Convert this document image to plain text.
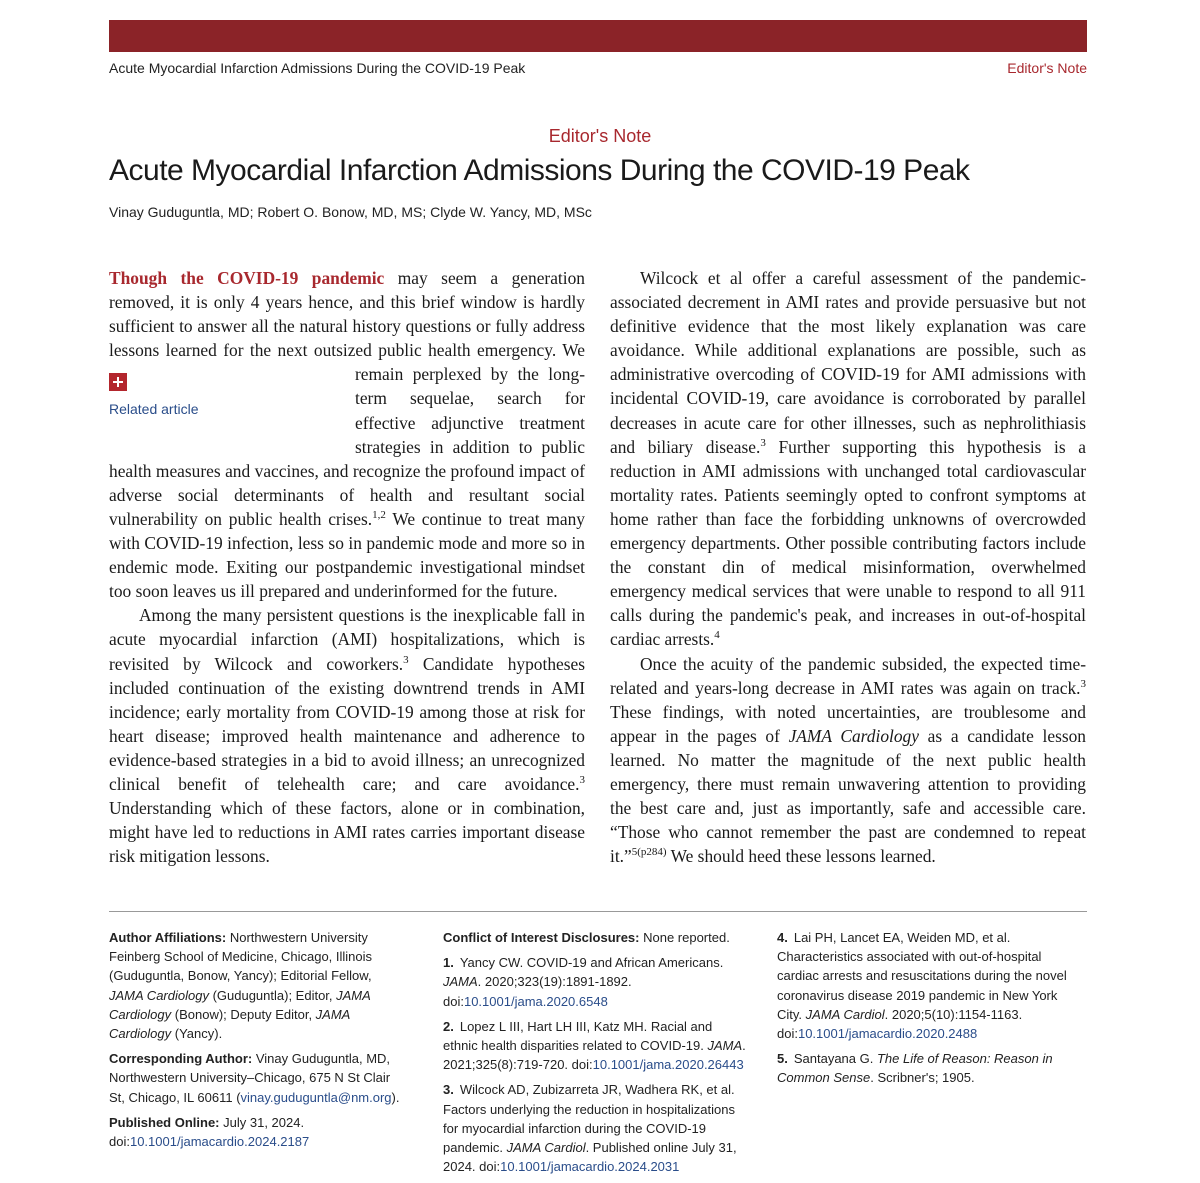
Acute Myocardial Infarction Admissions During the COVID-19 Peak	Editor's Note
Editor's Note
Acute Myocardial Infarction Admissions During the COVID-19 Peak
Vinay Guduguntla, MD; Robert O. Bonow, MD, MS; Clyde W. Yancy, MD, MSc

Though the COVID-19 pandemic may seem a generation removed, it is only 4 years hence, and this brief window is hardly sufficient to answer all the natural history questions or fully address lessons learned for the next outsized public health
Related article
emergency. We remain perplexed by the long-term sequelae, search for effective adjunctive treatment strategies in addition to public health measures and vaccines, and recognize the profound impact of adverse social determinants of health and resultant social vulnerability on public health crises.$^{1,2}$ We continue to treat many with COVID-19 infection, less so in pandemic mode and more so in endemic mode. Exiting our postpandemic investigational mindset too soon leaves us ill prepared and underinformed for the future.

Among the many persistent questions is the inexplicable fall in acute myocardial infarction (AMI) hospitalizations, which is revisited by Wilcock and coworkers.$^3$ Candidate hypotheses included continuation of the existing downtrend trends in AMI incidence; early mortality from COVID-19 among those at risk for heart disease; improved health maintenance and adherence to evidence-based strategies in a bid to avoid illness; an unrecognized clinical benefit of telehealth care; and care avoidance.$^3$ Understanding which of these factors, alone or in combination, might have led to reductions in AMI rates carries important disease risk mitigation lessons.

Wilcock et al offer a careful assessment of the pandemic-associated decrement in AMI rates and provide persuasive but not definitive evidence that the most likely explanation was care avoidance. While additional explanations are possible, such as administrative overcoding of COVID-19 for AMI admissions with incidental COVID-19, care avoidance is corroborated by parallel decreases in acute care for other illnesses, such as nephrolithiasis and biliary disease.$^3$ Further supporting this hypothesis is a reduction in AMI admissions with unchanged total cardiovascular mortality rates. Patients seemingly opted to confront symptoms at home rather than face the forbidding unknowns of overcrowded emergency departments. Other possible contributing factors include the constant din of medical misinformation, overwhelmed emergency medical services that were unable to respond to all 911 calls during the pandemic's peak, and increases in out-of-hospital cardiac arrests.$^4$

Once the acuity of the pandemic subsided, the expected time-related and years-long decrease in AMI rates was again on track.$^3$ These findings, with noted uncertainties, are troublesome and appear in the pages of JAMA Cardiology as a candidate lesson learned. No matter the magnitude of the next public health emergency, there must remain unwavering attention to providing the best care and, just as importantly, safe and accessible care. “Those who cannot remember the past are condemned to repeat it.”$^{5(p284)}$ We should heed these lessons learned.

Author Affiliations: Northwestern University Feinberg School of Medicine, Chicago, Illinois (Guduguntla, Bonow, Yancy); Editorial Fellow, JAMA Cardiology (Guduguntla); Editor, JAMA Cardiology (Bonow); Deputy Editor, JAMA Cardiology (Yancy).

Corresponding Author: Vinay Guduguntla, MD, Northwestern University–Chicago, 675 N St Clair St, Chicago, IL 60611 (vinay.guduguntla@nm.org).

Published Online: July 31, 2024.
doi:10.1001/jamacardio.2024.2187

Conflict of Interest Disclosures: None reported.

1. Yancy CW. COVID-19 and African Americans. JAMA. 2020;323(19):1891-1892. doi:10.1001/jama.2020.6548

2. Lopez L III, Hart LH III, Katz MH. Racial and ethnic health disparities related to COVID-19. JAMA. 2021;325(8):719-720. doi:10.1001/jama.2020.26443

3. Wilcock AD, Zubizarreta JR, Wadhera RK, et al. Factors underlying the reduction in hospitalizations for myocardial infarction during the COVID-19 pandemic. JAMA Cardiol. Published online July 31, 2024. doi:10.1001/jamacardio.2024.2031

4. Lai PH, Lancet EA, Weiden MD, et al. Characteristics associated with out-of-hospital cardiac arrests and resuscitations during the novel coronavirus disease 2019 pandemic in New York City. JAMA Cardiol. 2020;5(10):1154-1163. doi:10.1001/jamacardio.2020.2488

5. Santayana G. The Life of Reason: Reason in Common Sense. Scribner's; 1905.
